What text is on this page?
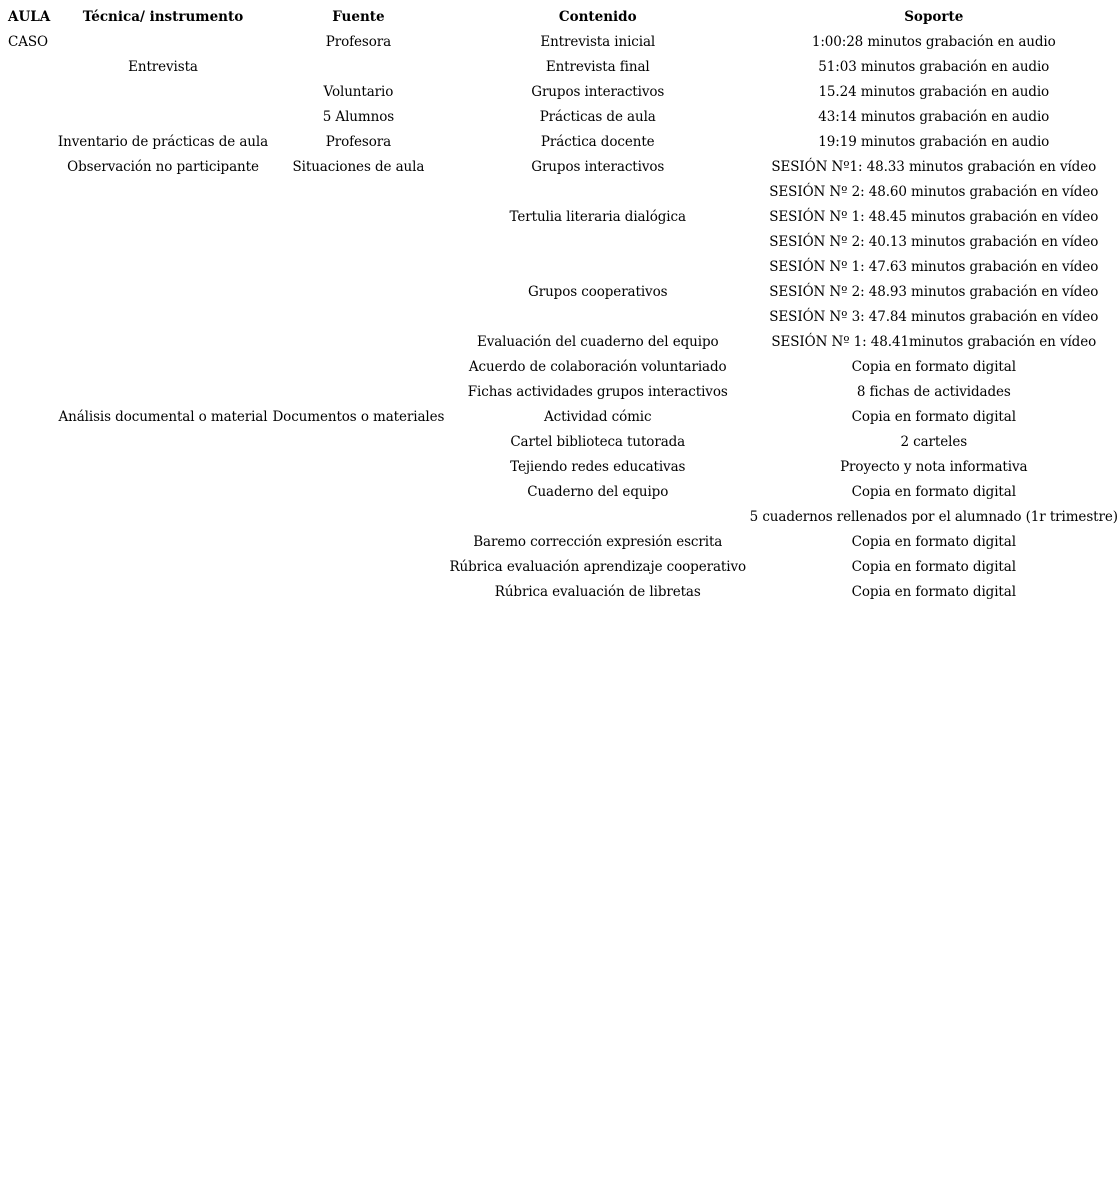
AULA	Técnica/ instrumento	Fuente	Contenido	Soporte
CASO		Profesora	Entrevista inicial	1:00:28 minutos grabación en audio
	Entrevista		Entrevista final	51:03 minutos grabación en audio
		Voluntario	Grupos interactivos	15.24 minutos grabación en audio
		5 Alumnos	Prácticas de aula	43:14 minutos grabación en audio
	Inventario de prácticas de aula	Profesora	Práctica docente	19:19 minutos grabación en audio
	Observación no participante	Situaciones de aula	Grupos interactivos	SESIÓN Nº1: 48.33 minutos grabación en vídeo
				SESIÓN Nº 2: 48.60 minutos grabación en vídeo
			Tertulia literaria dialógica	SESIÓN Nº 1: 48.45 minutos grabación en vídeo
				SESIÓN Nº 2: 40.13 minutos grabación en vídeo
				SESIÓN Nº 1: 47.63 minutos grabación en vídeo
			Grupos cooperativos	SESIÓN Nº 2: 48.93 minutos grabación en vídeo
				SESIÓN Nº 3: 47.84 minutos grabación en vídeo
			Evaluación del cuaderno del equipo	SESIÓN Nº 1: 48.41minutos grabación en vídeo
			Acuerdo de colaboración voluntariado	Copia en formato digital
			Fichas actividades grupos interactivos	8 fichas de actividades
	Análisis documental o material	Documentos o materiales	Actividad cómic	Copia en formato digital
			Cartel biblioteca tutorada	2 carteles
			Tejiendo redes educativas	Proyecto y nota informativa
			Cuaderno del equipo	Copia en formato digital
				5 cuadernos rellenados por el alumnado (1r trimestre)
			Baremo corrección expresión escrita	Copia en formato digital
			Rúbrica evaluación aprendizaje cooperativo	Copia en formato digital
			Rúbrica evaluación de libretas	Copia en formato digital
